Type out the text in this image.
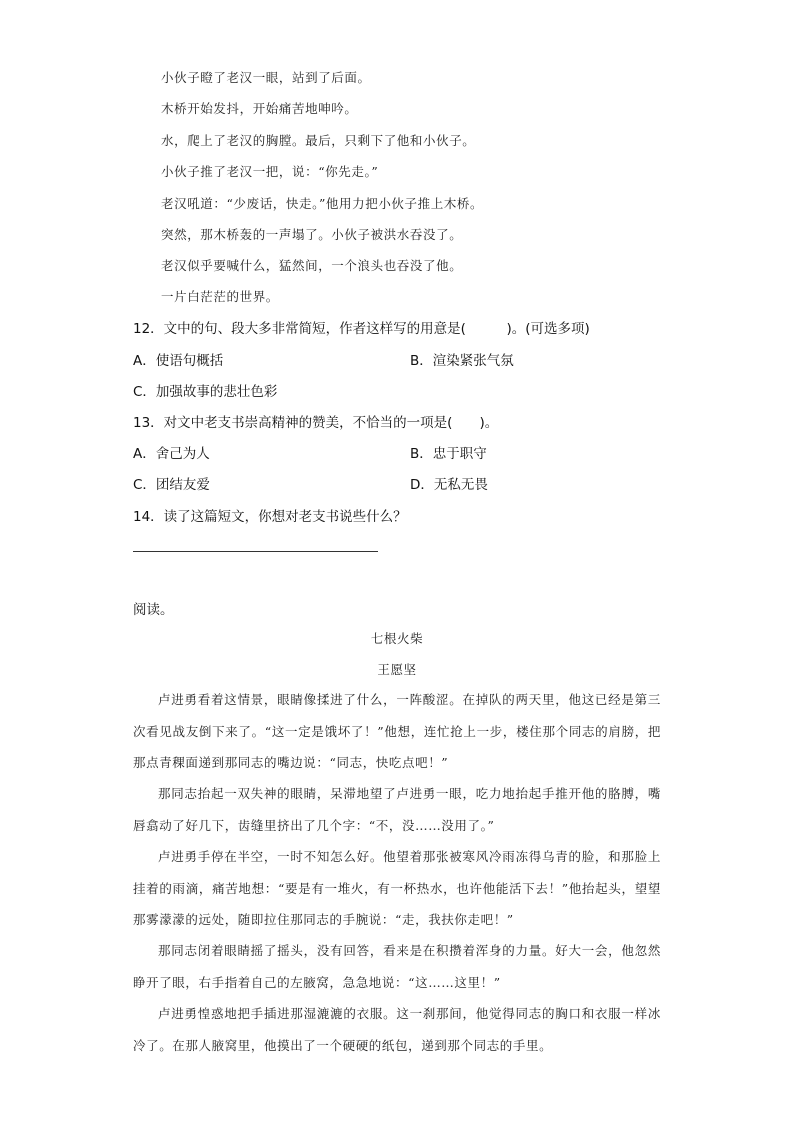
小伙子瞪了老汉一眼，站到了后面。
木桥开始发抖，开始痛苦地呻吟。
水，爬上了老汉的胸膛。最后，只剩下了他和小伙子。
小伙子推了老汉一把，说：“你先走。”
老汉吼道：“少废话，快走。”他用力把小伙子推上木桥。
突然，那木桥轰的一声塌了。小伙子被洪水吞没了。
老汉似乎要喊什么，猛然间，一个浪头也吞没了他。
一片白茫茫的世界。
12．文中的句、段大多非常简短，作者这样写的用意是(　　　)。(可选多项)
A．使语句概括	B．渲染紧张气氛
C．加强故事的悲壮色彩
13．对文中老支书崇高精神的赞美，不恰当的一项是(　　)。
A．舍己为人	B．忠于职守
C．团结友爱	D．无私无畏
14．读了这篇短文，你想对老支书说些什么？
阅读。
七根火柴
王愿坚

卢进勇看着这情景，眼睛像揉进了什么，一阵酸涩。在掉队的两天里，他这已经是第三次看见战友倒下来了。“这一定是饿坏了！”他想，连忙抢上一步，楼住那个同志的肩膀，把那点青稞面递到那同志的嘴边说：“同志，快吃点吧！”

那同志抬起一双失神的眼睛，呆滞地望了卢进勇一眼，吃力地抬起手推开他的胳膊，嘴唇翕动了好几下，齿缝里挤出了几个字：“不，没……没用了。”

卢进勇手停在半空，一时不知怎么好。他望着那张被寒风冷雨冻得乌青的脸，和那脸上挂着的雨滴，痛苦地想：“要是有一堆火，有一杯热水，也许他能活下去！”他抬起头，望望那雾濛濛的远处，随即拉住那同志的手腕说：“走，我扶你走吧！”

那同志闭着眼睛摇了摇头，没有回答，看来是在积攒着浑身的力量。好大一会，他忽然睁开了眼，右手指着自己的左腋窝，急急地说：“这……这里！”

卢进勇惶惑地把手插进那湿漉漉的衣服。这一刹那间，他觉得同志的胸口和衣服一样冰冷了。在那人腋窝里，他摸出了一个硬硬的纸包，递到那个同志的手里。
